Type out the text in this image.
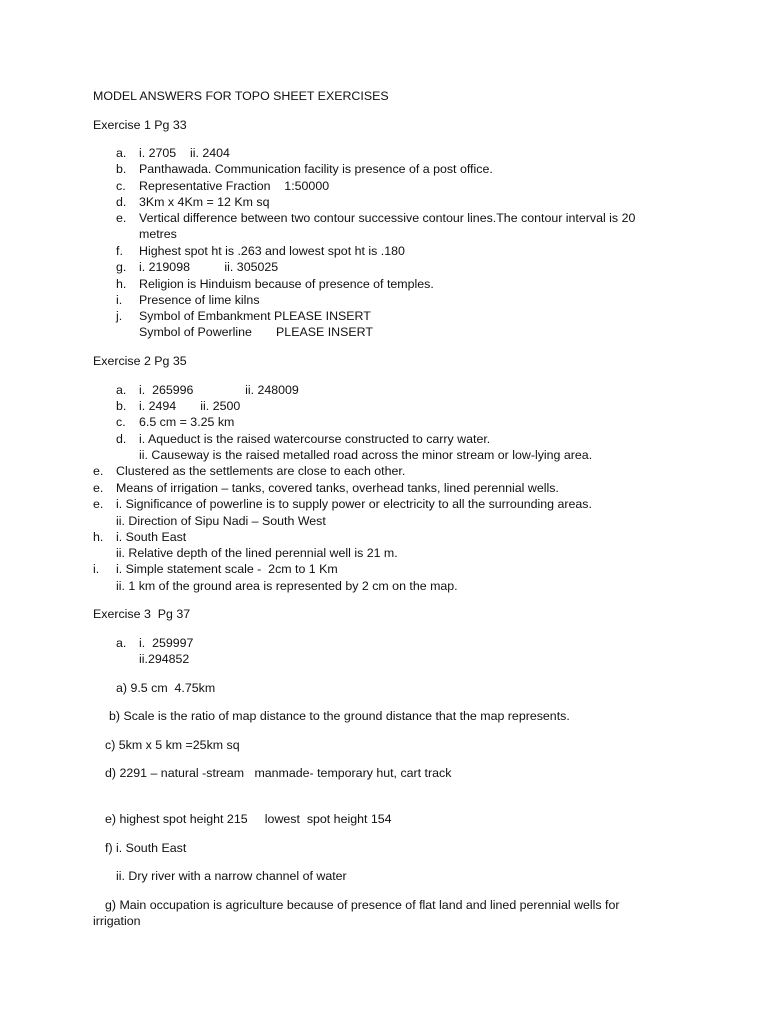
MODEL ANSWERS FOR TOPO SHEET EXERCISES
Exercise 1 Pg 33
a. i. 2705    ii. 2404
b. Panthawada. Communication facility is presence of a post office.
c. Representative Fraction    1:50000
d. 3Km x 4Km = 12 Km sq
e. Vertical difference between two contour successive contour lines.The contour interval is 20
metres
f. Highest spot ht is .263 and lowest spot ht is .180
g. i. 219098          ii. 305025
h. Religion is Hinduism because of presence of temples.
i. Presence of lime kilns
j. Symbol of Embankment PLEASE INSERT
Symbol of Powerline       PLEASE INSERT
Exercise 2 Pg 35
a. i.  265996               ii. 248009
b. i. 2494       ii. 2500
c. 6.5 cm = 3.25 km
d. i. Aqueduct is the raised watercourse constructed to carry water.
ii. Causeway is the raised metalled road across the minor stream or low-lying area.
e. Clustered as the settlements are close to each other.
e. Means of irrigation – tanks, covered tanks, overhead tanks, lined perennial wells.
e. i. Significance of powerline is to supply power or electricity to all the surrounding areas.
ii. Direction of Sipu Nadi – South West
h. i. South East
ii. Relative depth of the lined perennial well is 21 m.
i. i. Simple statement scale -  2cm to 1 Km
ii. 1 km of the ground area is represented by 2 cm on the map.
Exercise 3  Pg 37
a. i.  259997
ii.294852
a) 9.5 cm  4.75km
b) Scale is the ratio of map distance to the ground distance that the map represents.
c) 5km x 5 km =25km sq
d) 2291 – natural -stream   manmade- temporary hut, cart track
e) highest spot height 215     lowest  spot height 154
f) i. South East
ii. Dry river with a narrow channel of water
g) Main occupation is agriculture because of presence of flat land and lined perennial wells for
irrigation
